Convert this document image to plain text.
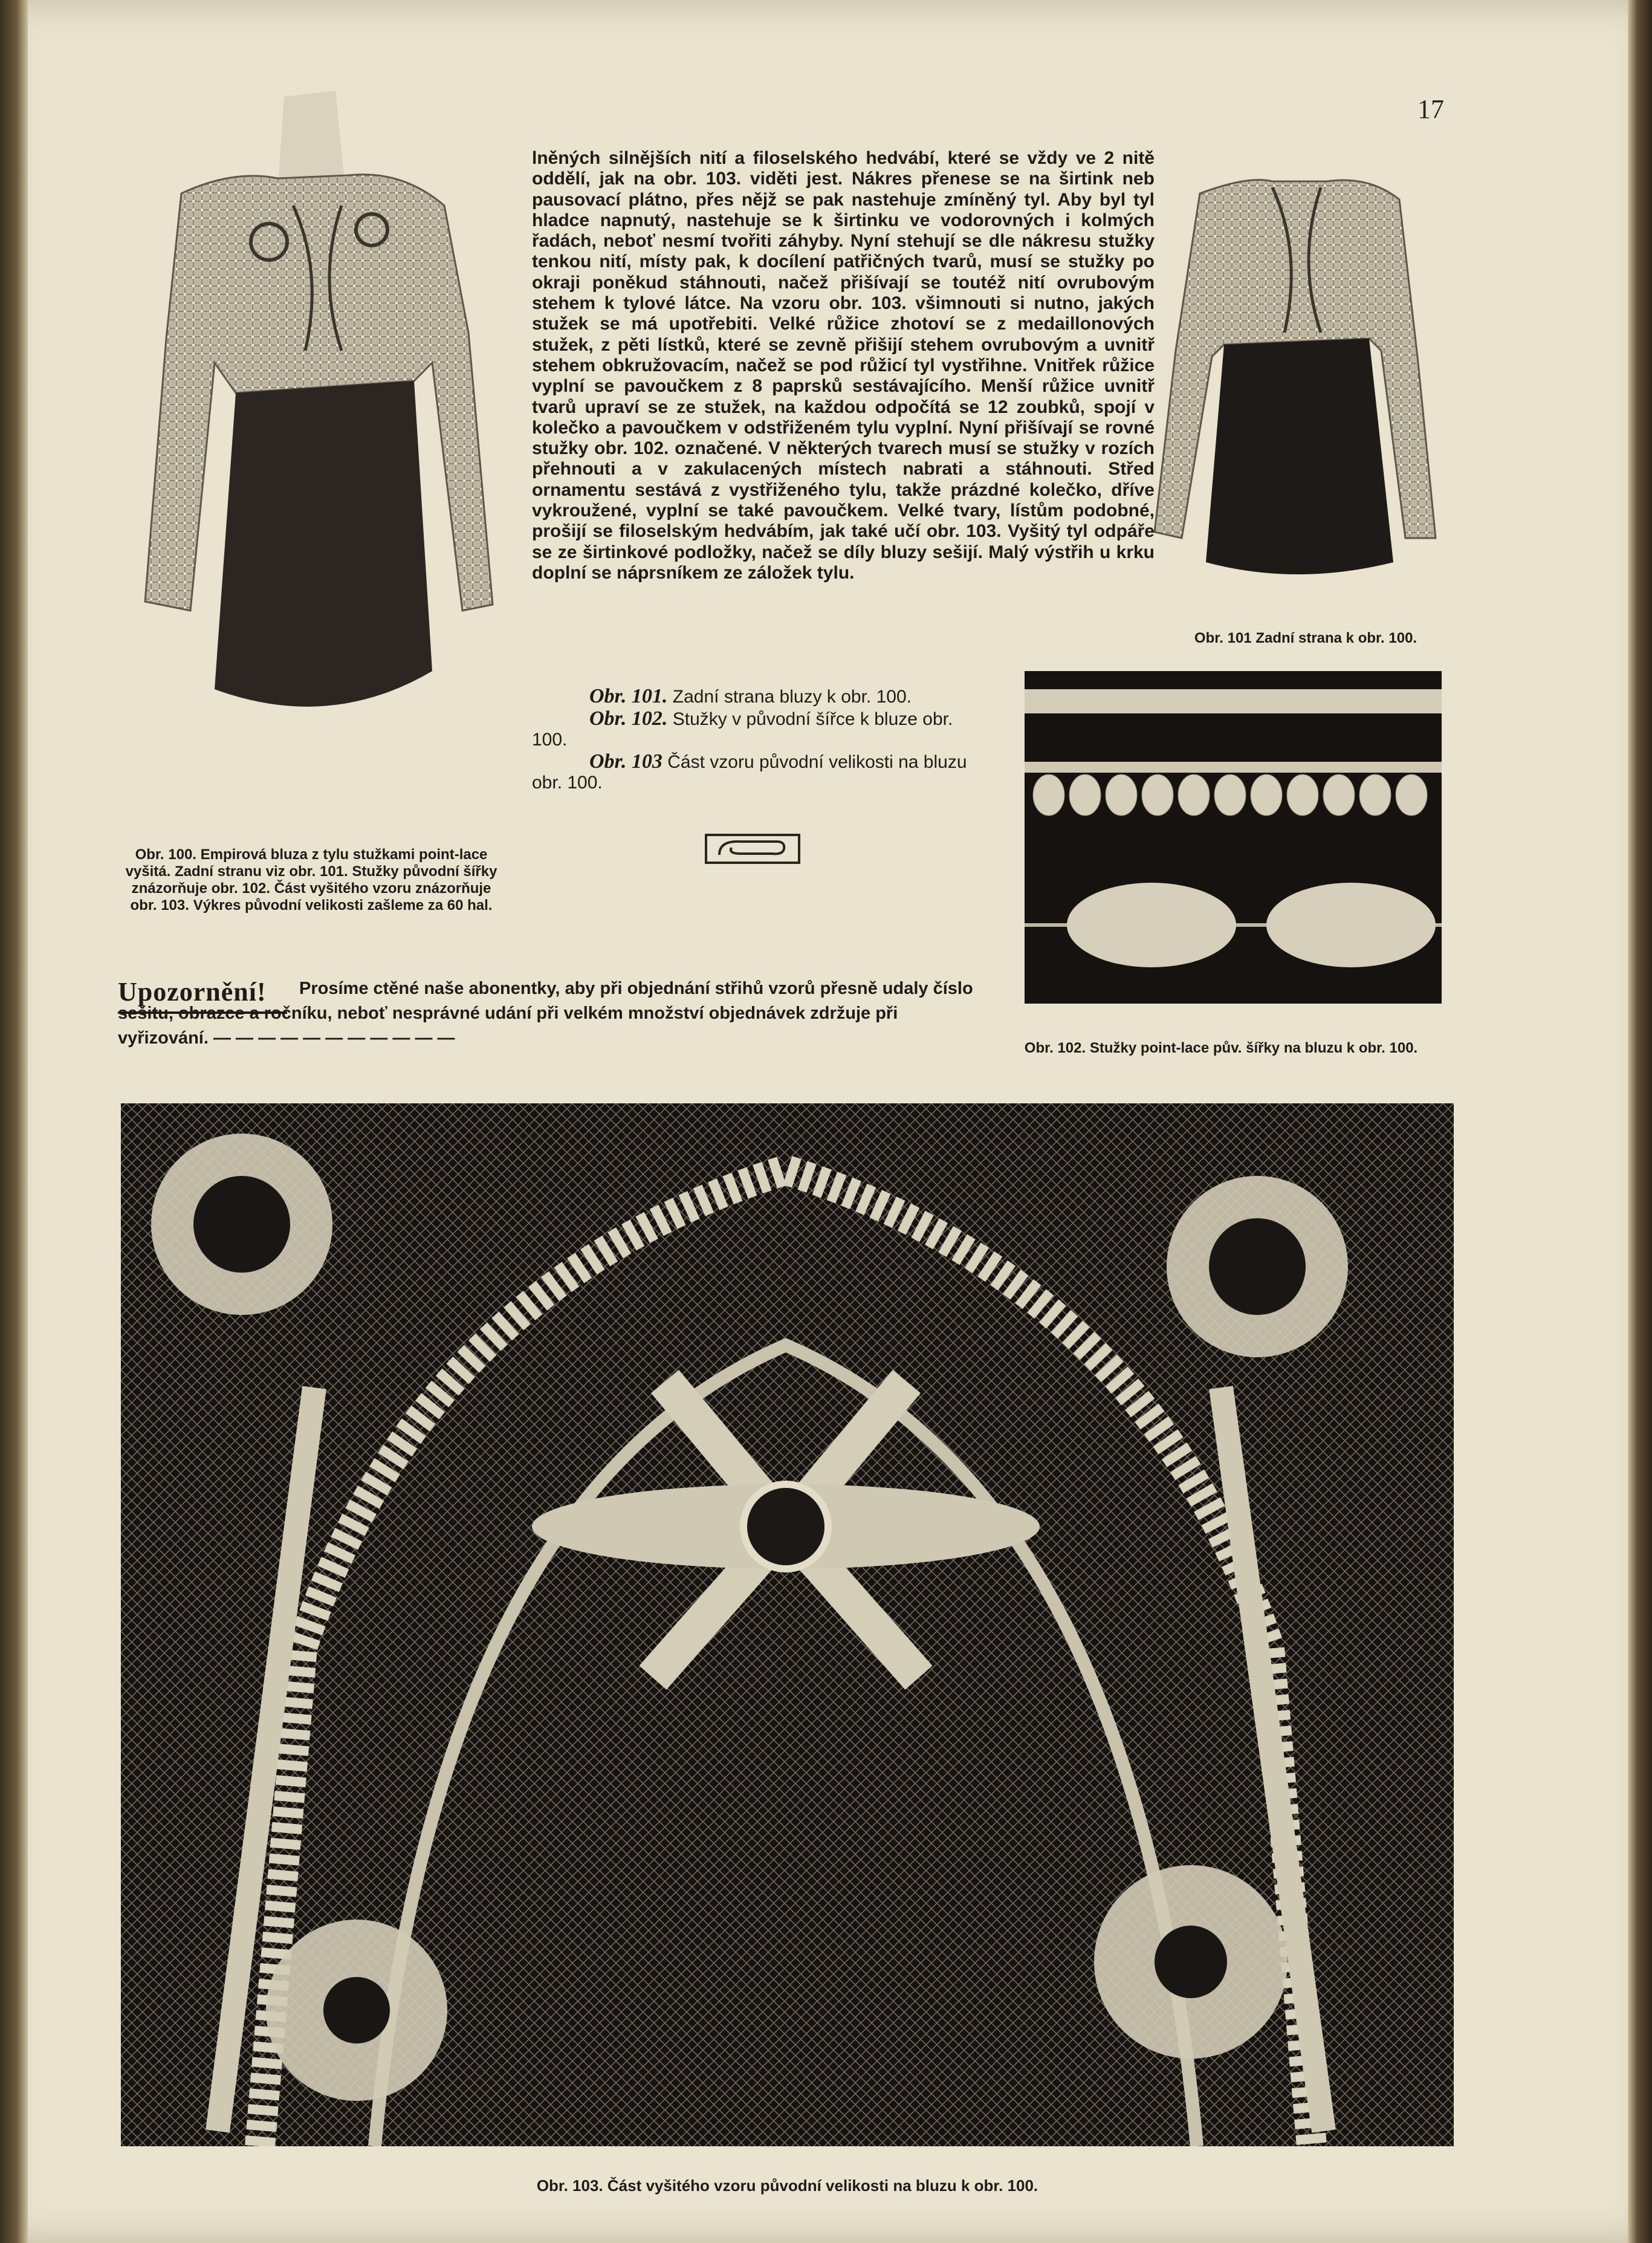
17
Obr. 100. Empirová bluza z tylu stužkami point-lace vyšitá. Zadní stranu viz obr. 101. Stužky původní šířky znázorňuje obr. 102. Část vyšitého vzoru znázorňuje obr. 103. Výkres původní velikosti zašleme za 60 hal.
Obr. 101 Zadní strana k obr. 100.
Obr. 102. Stužky point-lace pův. šířky na bluzu k obr. 100.
Obr. 103. Část vyšitého vzoru původní velikosti na bluzu k obr. 100.

lněných silnějších nití a filoselského hedvábí, které se vždy ve 2 nitě oddělí, jak na obr. 103. viděti jest. Nákres přenese se na širtink neb pausovací plátno, přes nějž se pak nastehuje zmíněný tyl. Aby byl tyl hladce napnutý, nastehuje se k širtinku ve vodorovných i kolmých řadách, neboť nesmí tvořiti záhyby. Nyní stehují se dle nákresu stužky tenkou nití, místy pak, k docílení patřičných tvarů, musí se stužky po okraji poněkud stáhnouti, načež přišívají se toutéž nití ovrubovým stehem k tylové látce. Na vzoru obr. 103. všimnouti si nutno, jakých stužek se má upotřebiti. Velké růžice zhotoví se z medaillonových stužek, z pěti lístků, které se zevně přišijí stehem ovrubovým a uvnitř stehem obkružovacím, načež se pod růžicí tyl vystřihne. Vnitřek růžice vyplní se pavoučkem z 8 paprsků sestávajícího. Menší růžice uvnitř tvarů upraví se ze stužek, na každou odpočítá se 12 zoubků, spojí v kolečko a pavoučkem v odstřiženém tylu vyplní. Nyní přišívají se rovné stužky obr. 102. označené. V některých tvarech musí se stužky v rozích přehnouti a v zakulacených místech nabrati a stáhnouti. Střed ornamentu sestává z vystřiženého tylu, takže prázdné kolečko, dříve vykroužené, vyplní se také pavoučkem. Velké tvary, lístům podobné, prošijí se filoselským hedvábím, jak také učí obr. 103. Vyšitý tyl odpáře se ze širtinkové podložky, načež se díly bluzy sešijí. Malý výstřih u krku doplní se náprsníkem ze záložek tylu.

Obr. 101. Zadní strana bluzy k obr. 100.

Obr. 102. Stužky v původní šířce k bluze obr. 100.

Obr. 103 Část vzoru původní velikosti na bluzu obr. 100.

Upozornění!	Prosíme ctěné naše abonentky, aby při objednání střihů vzorů přesně udaly číslo sešitu, obrazce a ročníku, neboť nesprávné udání při velkém množství objednávek zdržuje při vyřizování. — — — — — — — — — — —
